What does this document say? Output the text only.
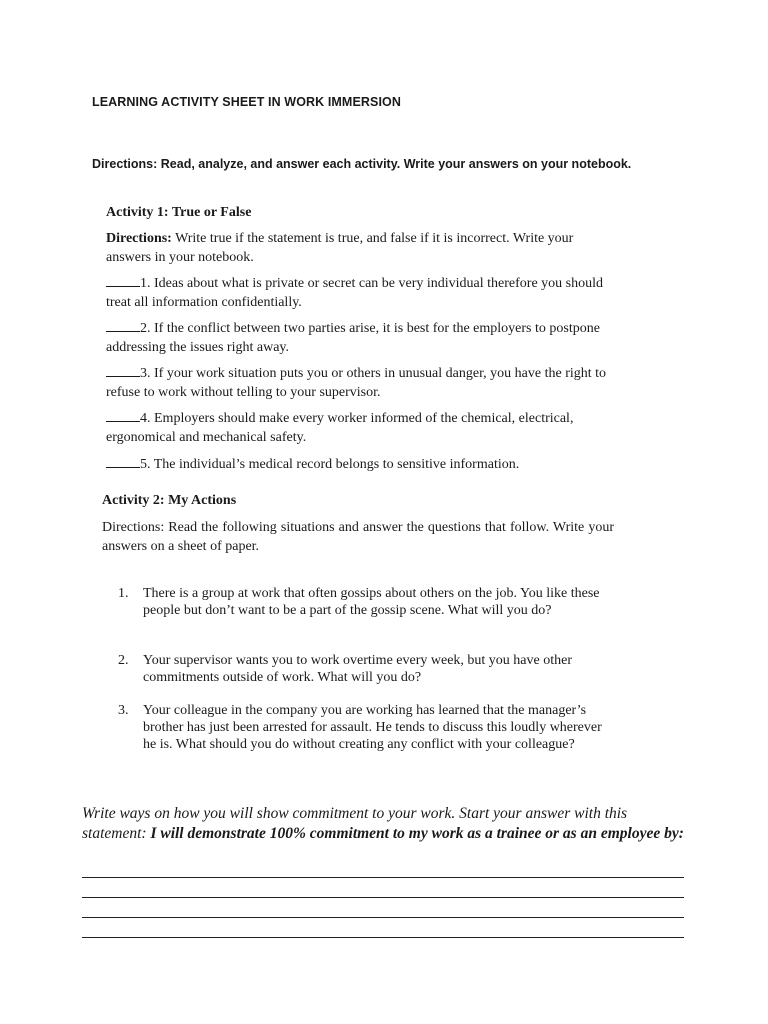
LEARNING ACTIVITY SHEET IN WORK IMMERSION
Directions: Read, analyze, and answer each activity. Write your answers on your notebook.
Activity 1: True or False
Directions: Write true if the statement is true, and false if it is incorrect. Write your answers in your notebook.
1. Ideas about what is private or secret can be very individual therefore you should treat all information confidentially.
2. If the conflict between two parties arise, it is best for the employers to postpone addressing the issues right away.
3. If your work situation puts you or others in unusual danger, you have the right to refuse to work without telling to your supervisor.
4. Employers should make every worker informed of the chemical, electrical, ergonomical and mechanical safety.
5. The individual’s medical record belongs to sensitive information.
Activity 2: My Actions
Directions: Read the following situations and answer the questions that follow. Write your answers on a sheet of paper.
1.	There is a group at work that often gossips about others on the job. You like these people but don’t want to be a part of the gossip scene. What will you do?
2.	Your supervisor wants you to work overtime every week, but you have other commitments outside of work. What will you do?
3.	Your colleague in the company you are working has learned that the manager’s brother has just been arrested for assault. He tends to discuss this loudly wherever he is. What should you do without creating any conflict with your colleague?
Write ways on how you will show commitment to your work. Start your answer with this statement: I will demonstrate 100% commitment to my work as a trainee or as an employee by:
